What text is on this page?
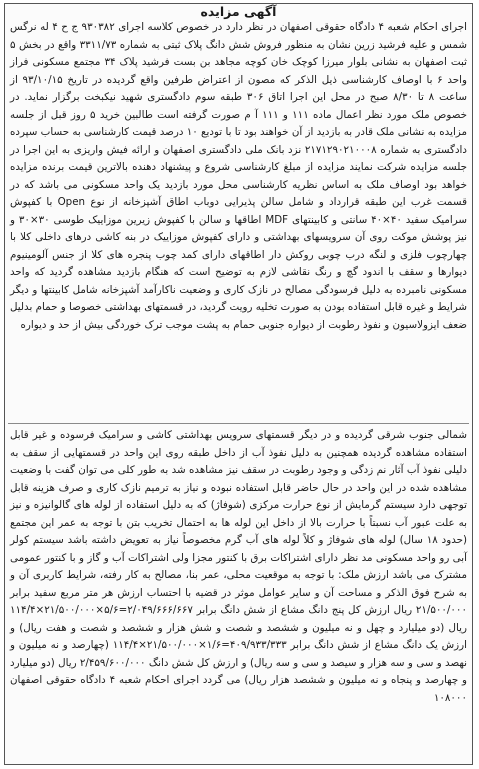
آگهی مزایده

اجرای احکام شعبه ۴ دادگاه حقوقی اصفهان در نظر دارد در خصوص کلاسه اجرای ۹۳۰۳۸۲ ج ح ۴ له نرگس شمس و علیه فرشید زرین نشان به منظور فروش شش دانگ پلاک ثبتی به شماره ۳۳۱۱/۷۳ واقع در بخش ۵ ثبت اصفهان به نشانی بلوار میرزا کوچک خان کوچه مجاهد بن بست فرشید پلاک ۳۴ مجتمع مسکونی فراز واحد ۶ با اوصاف کارشناسی ذیل الذکر که مصون از اعتراض طرفین واقع گردیده در تاریخ ۹۳/۱۰/۱۵ از ساعت ۸ تا ۸/۳۰ صبح در محل این اجرا اتاق ۳۰۶ طبقه سوم دادگستری شهید نیکبخت برگزار نماید. در خصوص ملک مورد نظر اعمال ماده ۱۱۱ و ۱۱۱ آ م صورت گرفته است طالبین خرید ۵ روز قبل از جلسه مزایده به نشانی ملک قادر به بازدید از آن خواهند بود تا با تودیع ۱۰ درصد قیمت کارشناسی به حساب سپرده دادگستری به شماره ۲۱۷۱۲۹۰۲۱۰۰۰۸ نزد بانک ملی دادگستری اصفهان و ارائه فیش واریزی به این اجرا در جلسه مزایده شرکت نمایند مزایده از مبلغ کارشناسی شروع و پیشنهاد دهنده بالاترین قیمت برنده مزایده خواهد بود اوصاف ملک به اساس نظریه کارشناسی محل مورد بازدید یک واحد مسکونی می باشد که در قسمت غرب این طبقه قرارداد و شامل سالن پذیرایی دوباب اطاق آشپزخانه از نوع Open با کفپوش سرامیک سفید ۴۰×۴۰ سانتی و کابینتهای MDF اطاقها و سالن با کفپوش زیرین موزاییک طوسی ۳۰×۳۰ و نیز پوشش موکت روی آن سرویسهای بهداشتی و دارای کفپوش موزاییک در بنه کاشی درهای داخلی کلا با چهارچوب فلزی و لنگه درب چوبی روکش دار اطاقهای دارای کمد چوب پنجره های کلا از جنس آلومینیوم دیوارها و سقف با اندود گچ و رنگ نقاشی لازم به توضیح است که هنگام بازدید مشاهده گردید که واحد مسکونی نامبرده به دلیل فرسودگی مصالح در نازک کاری و وضعیت ناکارآمد آشپزخانه شامل کابینتها و دیگر شرایط و غیره قابل استفاده بودن به صورت تخلیه رویت گردید، در قسمتهای بهداشتی خصوصا و حمام بدلیل ضعف ایزولاسیون و نفوذ رطوبت از دیواره جنوبی حمام به پشت موجب ترک خوردگی بیش از حد و دیواره

شمالی جنوب شرقی گردیده و در دیگر قسمتهای سرویس بهداشتی کاشی و سرامیک فرسوده و غیر قابل استفاده مشاهده گردیده همچنین به دلیل نفوذ آب از داخل طبقه روی این واحد در قسمتهایی از سقف به دلیلی نفوذ آب آثار نم زدگی و وجود رطوبت در سقف نیز مشاهده شد به طور کلی می توان گفت با وضعیت مشاهده شده در این واحد در حال حاضر قابل استفاده نبوده و نیاز به ترمیم نازک کاری و صرف هزینه قابل توجهی دارد سیستم گرمایش از نوع حرارت مرکزی (شوفاژ) که به دلیل استفاده از لوله های گالوانیزه و نیز به علت عبور آب نسبتاً با حرارت بالا از داخل این لوله ها به احتمال تخریب بتن با توجه به عمر این مجتمع (حدود ۱۸ سال) لوله های شوفاژ و کلاً لوله های آب گرم مخصوصاً نیاز به تعویض داشته باشد سیستم کولر آبی رو واحد مسکونی مد نظر دارای اشتراکات برق با کنتور مجزا ولی اشتراکات آب و گاز و با کنتور عمومی مشترک می باشد ارزش ملک: با توجه به موقعیت محلی، عمر بنا، مصالح به کار رفته، شرایط کاربری آن و به شرح فوق الذکر و مساحت آن و سایر عوامل موثر در قضیه با احتساب ارزش هر متر مربع سفید برابر ۲۱/۵۰۰/۰۰۰ ریال ارزش کل پنج دانگ مشاع از شش دانگ برابر ۲/۰۴۹/۶۶۶/۶۶۷=۵/۶×۲۱/۵۰۰/۰۰۰×۱۱۴/۴ ریال (دو میلیارد و چهل و نه میلیون و ششصد و شصت و شش هزار و ششصد و شصت و هفت ریال) و ارزش یک دانگ مشاع از شش دانگ برابر ۴۰۹/۹۳۳/۳۳۳=۱/۶×۲۱/۵۰۰/۰۰۰×۱۱۴/۴ (چهارصد و نه میلیون و نهصد و سی و سه هزار و سیصد و سی و سه ریال) و ارزش کل شش دانگ ۲/۴۵۹/۶۰۰/۰۰۰ ریال (دو میلیارد و چهارصد و پنجاه و نه میلیون و ششصد هزار ریال) می گردد اجرای احکام شعبه ۴ دادگاه حقوقی اصفهان ۱۰۸۰۰۰
